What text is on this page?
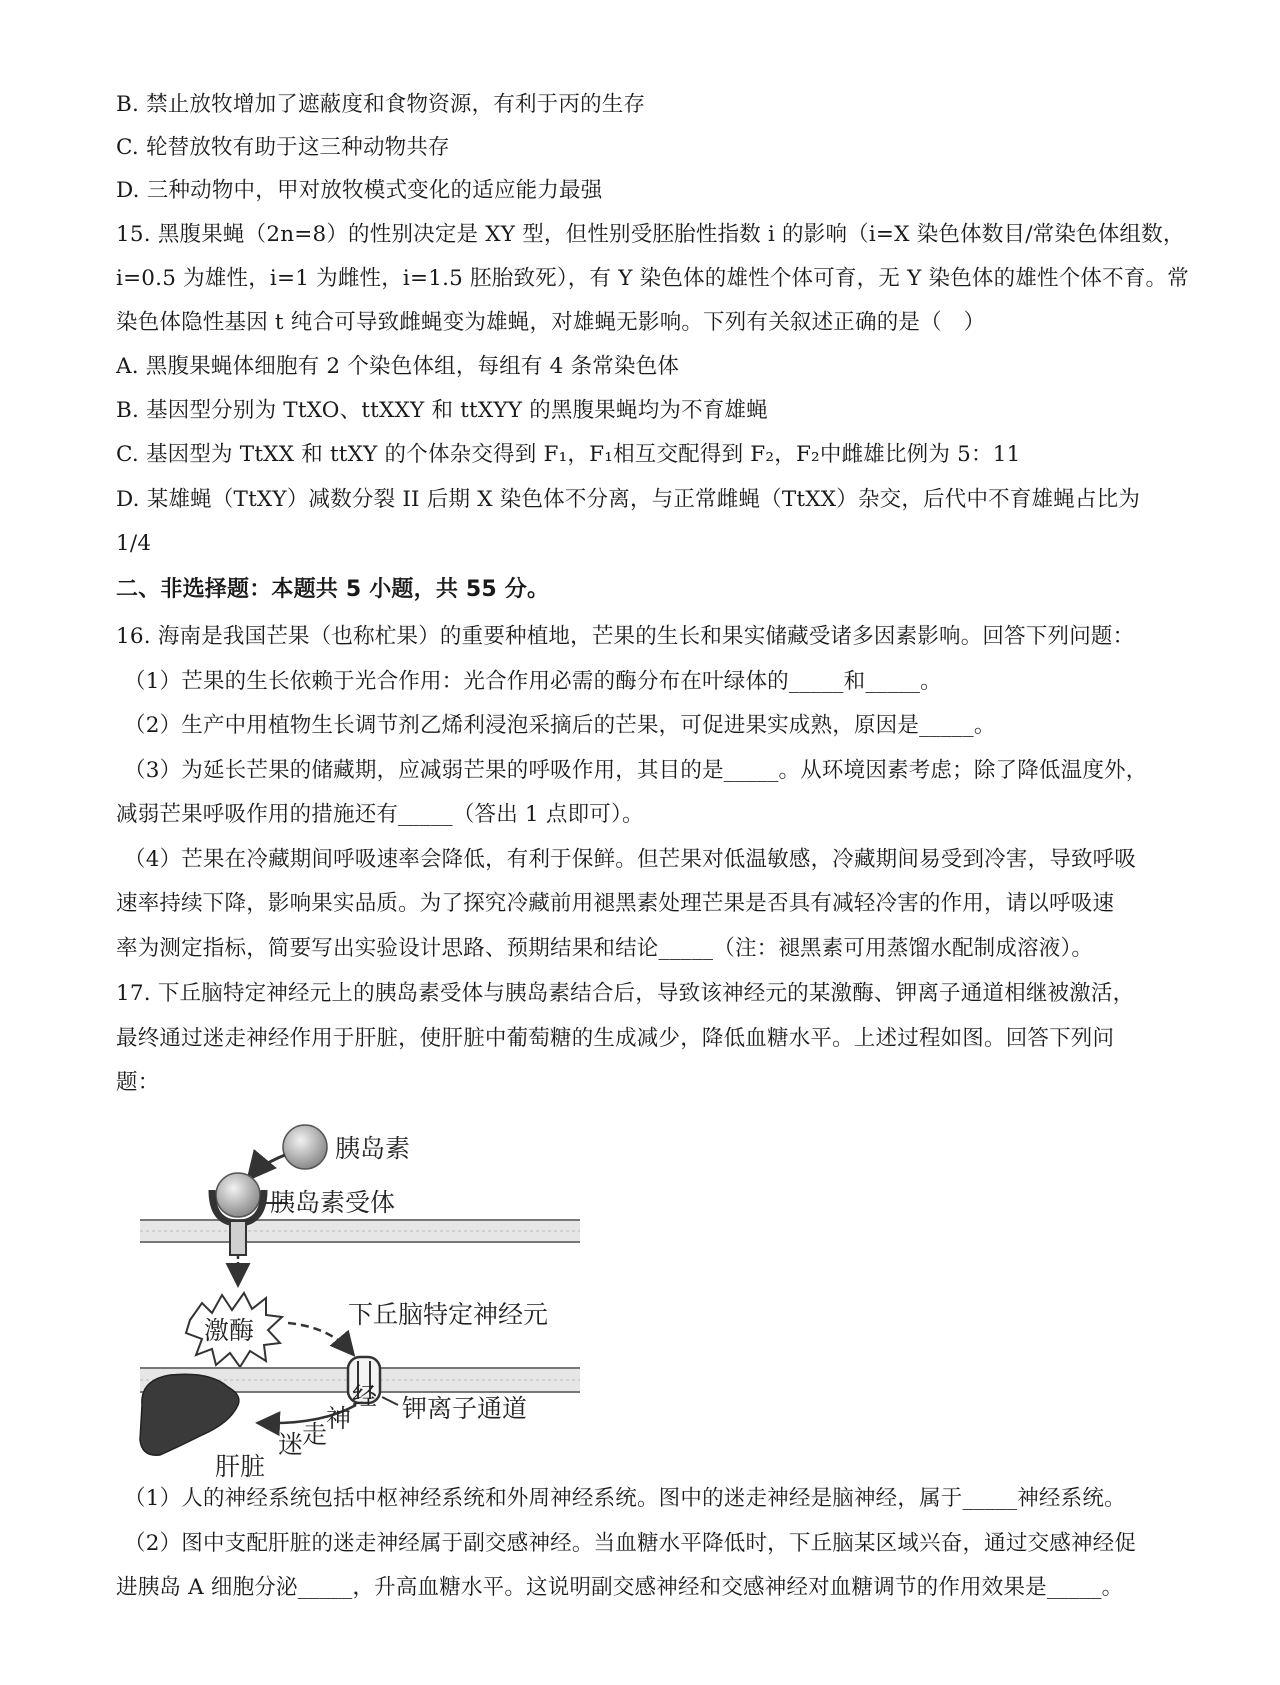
B. 禁止放牧增加了遮蔽度和食物资源，有利于丙的生存
C. 轮替放牧有助于这三种动物共存
D. 三种动物中，甲对放牧模式变化的适应能力最强
15. 黑腹果蝇（2n=8）的性别决定是 XY 型，但性别受胚胎性指数 i 的影响（i=X 染色体数目/常染色体组数，
i=0.5 为雄性，i=1 为雌性，i=1.5 胚胎致死），有 Y 染色体的雄性个体可育，无 Y 染色体的雄性个体不育。常
染色体隐性基因 t 纯合可导致雌蝇变为雄蝇，对雄蝇无影响。下列有关叙述正确的是（　）
A. 黑腹果蝇体细胞有 2 个染色体组，每组有 4 条常染色体
B. 基因型分别为 TtXO、ttXXY 和 ttXYY 的黑腹果蝇均为不育雄蝇
C. 基因型为 TtXX 和 ttXY 的个体杂交得到 F₁，F₁相互交配得到 F₂，F₂中雌雄比例为 5：11
D. 某雄蝇（TtXY）减数分裂 II 后期 X 染色体不分离，与正常雌蝇（TtXX）杂交，后代中不育雄蝇占比为
1/4
二、非选择题：本题共 5 小题，共 55 分。
16. 海南是我国芒果（也称杧果）的重要种植地，芒果的生长和果实储藏受诸多因素影响。回答下列问题：
（1）芒果的生长依赖于光合作用：光合作用必需的酶分布在叶绿体的_____和_____。
（2）生产中用植物生长调节剂乙烯利浸泡采摘后的芒果，可促进果实成熟，原因是_____。
（3）为延长芒果的储藏期，应减弱芒果的呼吸作用，其目的是_____。从环境因素考虑；除了降低温度外，
减弱芒果呼吸作用的措施还有_____（答出 1 点即可）。
（4）芒果在冷藏期间呼吸速率会降低，有利于保鲜。但芒果对低温敏感，冷藏期间易受到冷害，导致呼吸
速率持续下降，影响果实品质。为了探究冷藏前用褪黑素处理芒果是否具有减轻冷害的作用，请以呼吸速
率为测定指标，简要写出实验设计思路、预期结果和结论_____（注：褪黑素可用蒸馏水配制成溶液）。
17. 下丘脑特定神经元上的胰岛素受体与胰岛素结合后，导致该神经元的某激酶、钾离子通道相继被激活，
最终通过迷走神经作用于肝脏，使肝脏中葡萄糖的生成减少，降低血糖水平。上述过程如图。回答下列问
题：
胰岛素
胰岛素受体
激酶
下丘脑特定神经元
钾离子通道
迷
走
神
经
肝脏
（1）人的神经系统包括中枢神经系统和外周神经系统。图中的迷走神经是脑神经，属于_____神经系统。
（2）图中支配肝脏的迷走神经属于副交感神经。当血糖水平降低时，下丘脑某区域兴奋，通过交感神经促
进胰岛 A 细胞分泌_____，升高血糖水平。这说明副交感神经和交感神经对血糖调节的作用效果是_____。
